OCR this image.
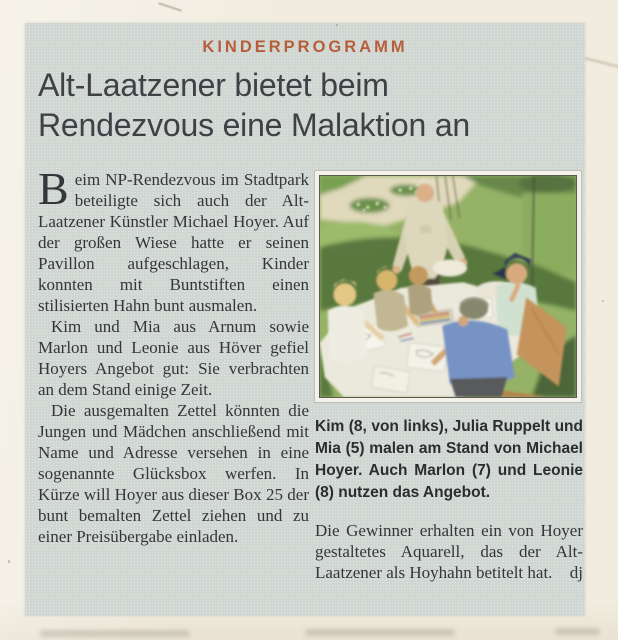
KINDERPROGRAMM
Alt-Laatzener bietet beim
Rendezvous eine Malaktion an

Beim NP-Rendezvous im Stadtpark beteiligte sich auch der Alt-Laatzener Künstler Michael Hoyer. Auf der großen Wiese hatte er seinen Pavillon aufgeschlagen, Kinder konnten mit Buntstiften einen stilisierten Hahn bunt ausmalen.

Kim und Mia aus Arnum sowie Marlon und Leonie aus Höver gefiel Hoyers Angebot gut: Sie verbrachten an dem Stand einige Zeit.

Die ausgemalten Zettel könnten die Jungen und Mädchen anschließend mit Name und Adresse versehen in eine sogenannte Glücksbox werfen. In Kürze will Hoyer aus dieser Box 25 der bunt bemalten Zettel ziehen und zu einer Preisübergabe einladen.

Kim (8, von links), Julia Ruppelt und Mia (5) malen am Stand von Michael Hoyer. Auch Marlon (7) und Leonie (8) nutzen das Angebot.

Die Gewinner erhalten ein von Hoyer gestaltetes Aquarell, das der Alt-Laatzener als Hoyhahn betitelt hat. dj
